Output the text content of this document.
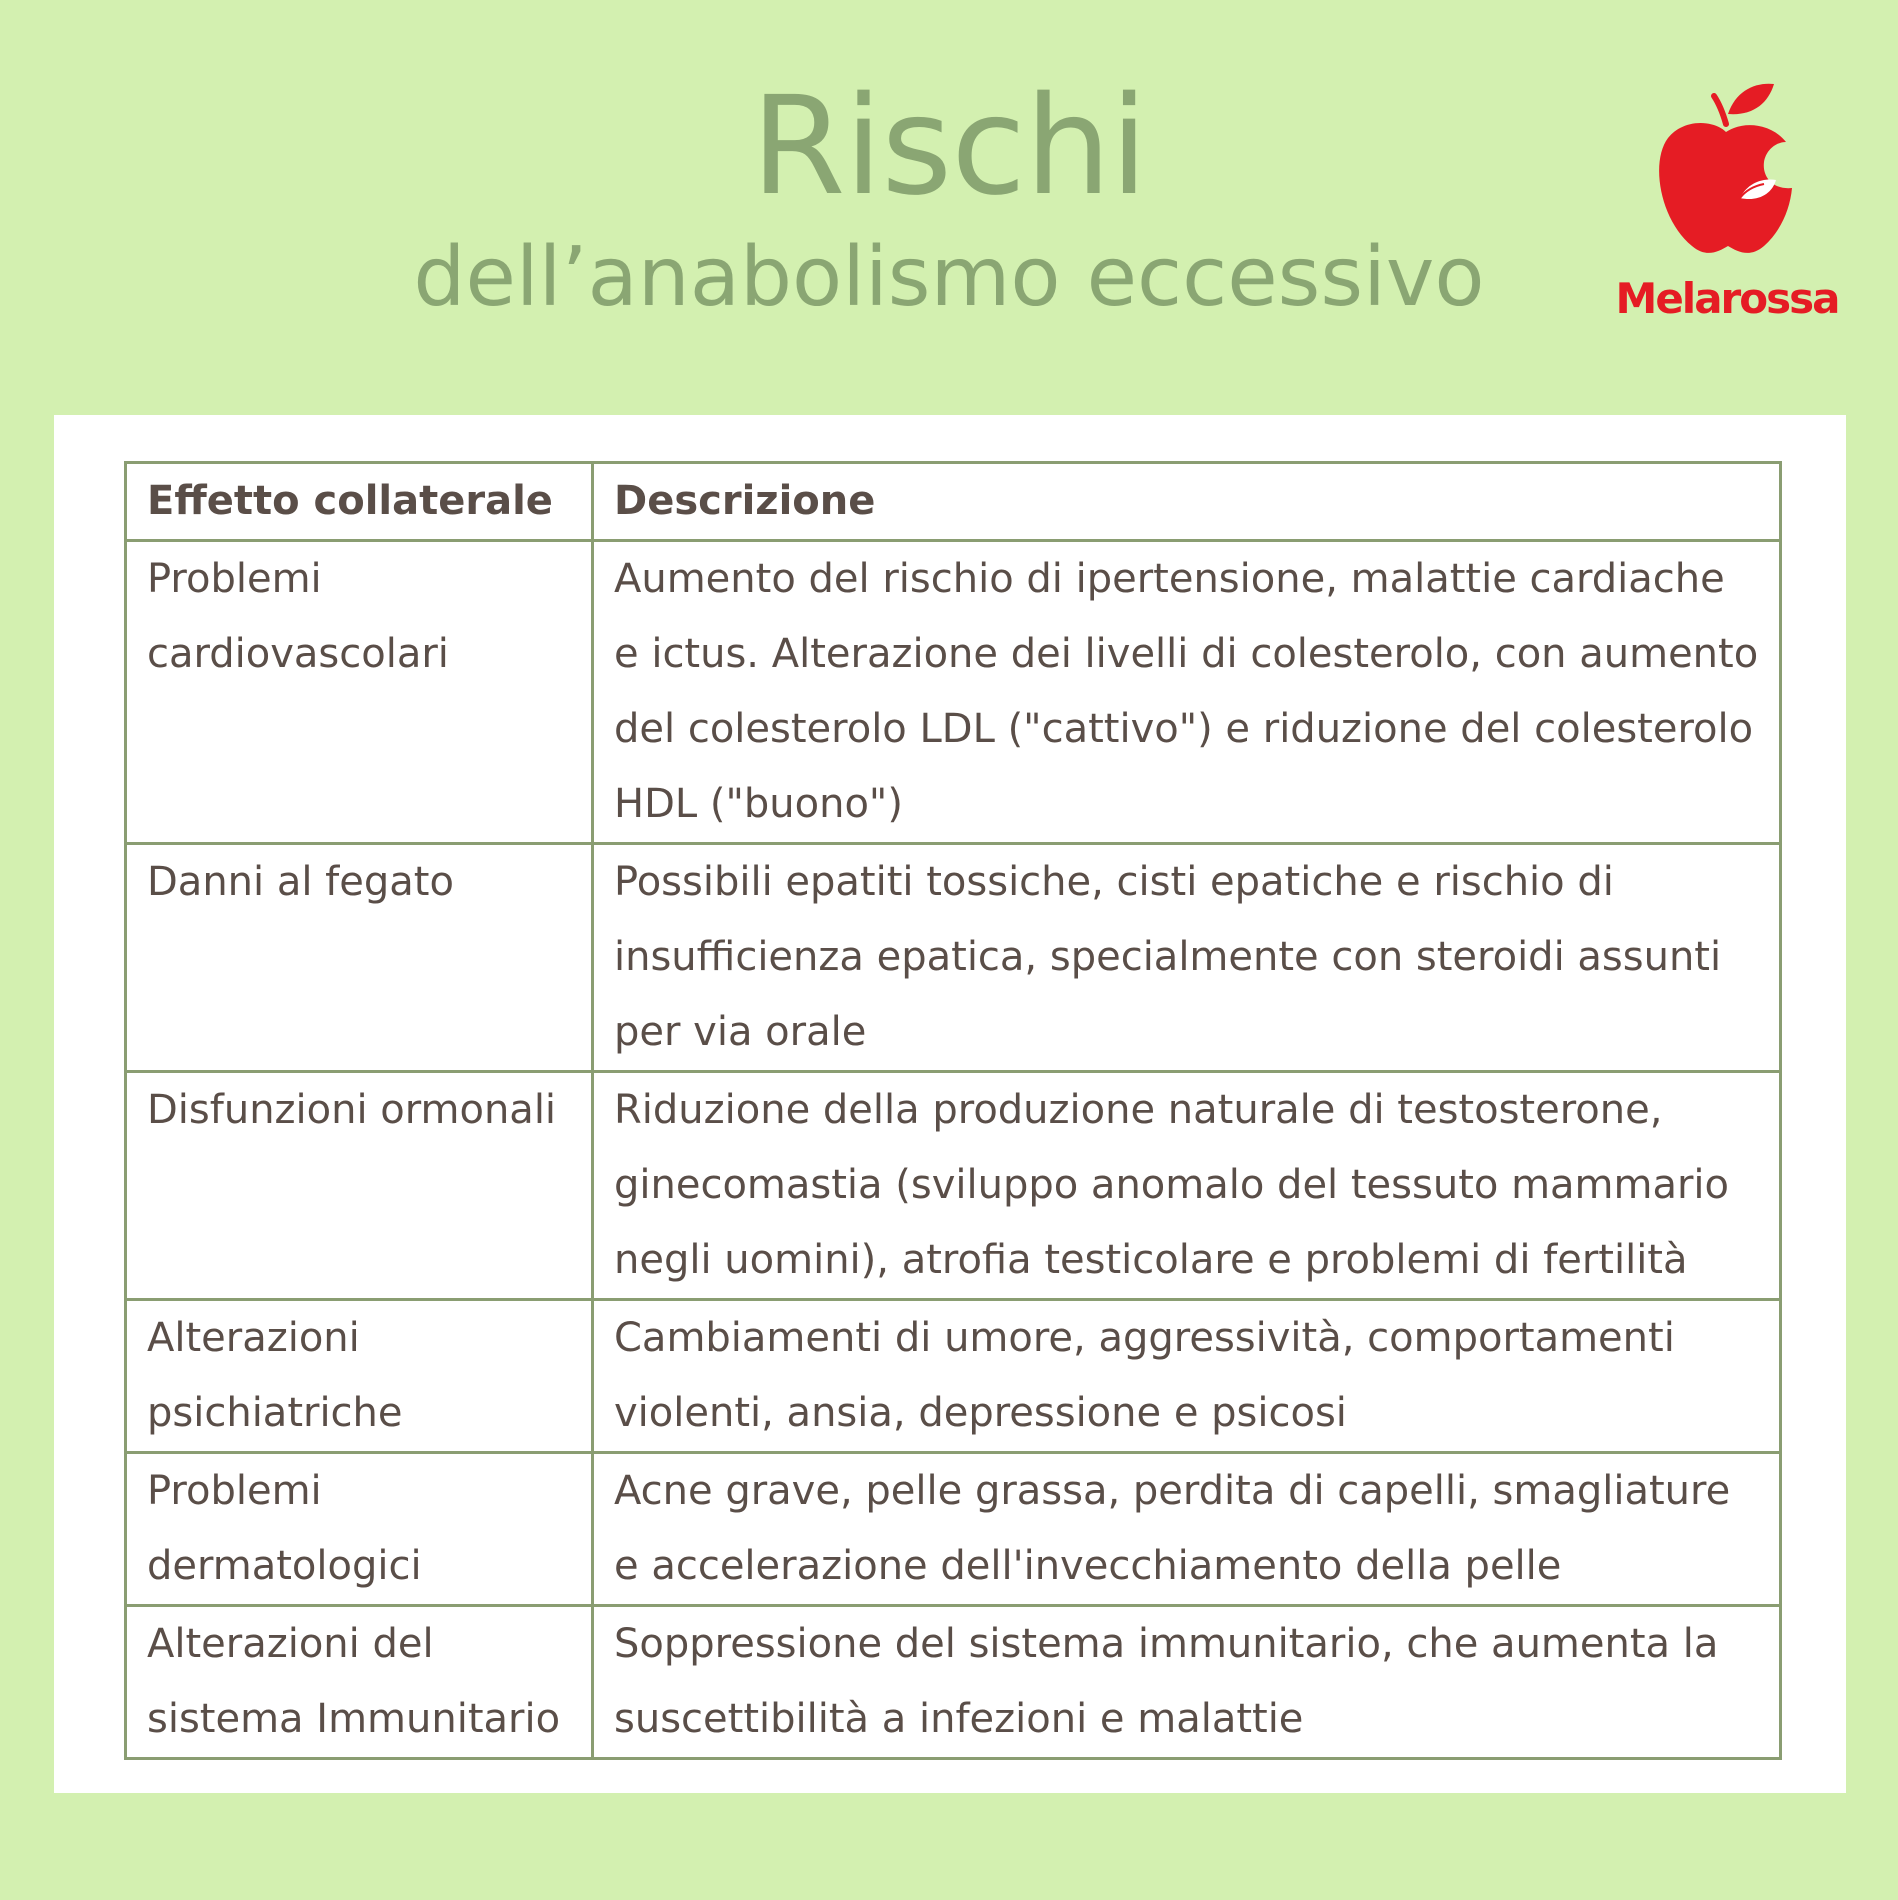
Rischi
dell’anabolismo eccessivo	Melarossa
Effetto collaterale	Descrizione
Problemi cardiovascolari	Aumento del rischio di ipertensione, malattie cardiache e ictus. Alterazione dei livelli di colesterolo, con aumento del colesterolo LDL ("cattivo") e riduzione del colesterolo HDL ("buono")
Danni al fegato	Possibili epatiti tossiche, cisti epatiche e rischio di insufficienza epatica, specialmente con steroidi assunti per via orale
Disfunzioni ormonali	Riduzione della produzione naturale di testosterone, ginecomastia (sviluppo anomalo del tessuto mammario negli uomini), atrofia testicolare e problemi di fertilità
Alterazioni psichiatriche	Cambiamenti di umore, aggressività, comportamenti violenti, ansia, depressione e psicosi
Problemi dermatologici	Acne grave, pelle grassa, perdita di capelli, smagliature e accelerazione dell'invecchiamento della pelle
Alterazioni del sistema Immunitario	Soppressione del sistema immunitario, che aumenta la suscettibilità a infezioni e malattie
